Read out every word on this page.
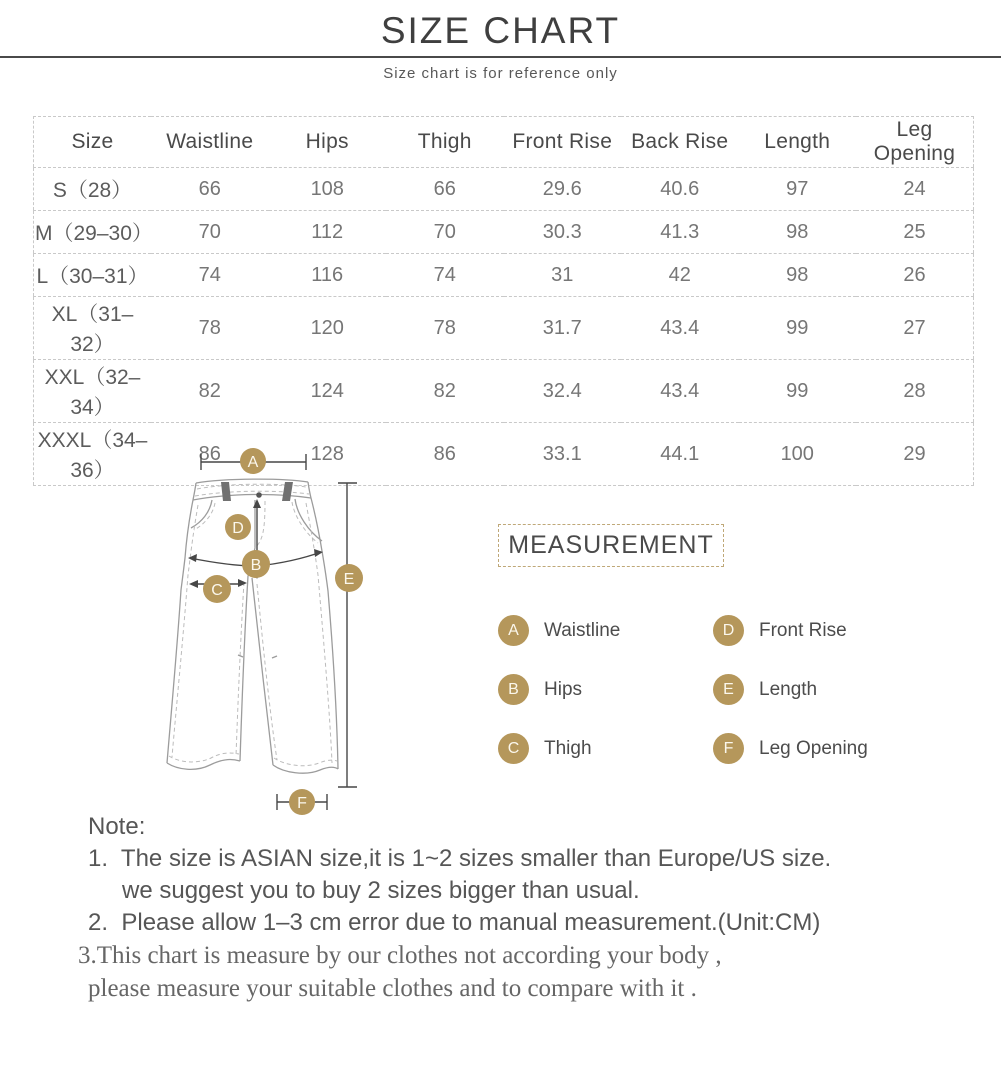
SIZE CHART
Size chart is for reference only
Size	Waistline	Hips	Thigh	Front Rise	Back Rise	Length	Leg Opening
S（28）	66	108	66	29.6	40.6	97	24
M（29–30）	70	112	70	30.3	41.3	98	25
L（30–31）	74	116	74	31	42	98	26
XL（31–32）	78	120	78	31.7	43.4	99	27
XXL（32–34）	82	124	82	32.4	43.4	99	28
XXXL（34–36）	86	128	86	33.1	44.1	100	29
A
D
B
C
E
F
MEASUREMENT
A	Waistline
B	Hips
C	Thigh
D	Front Rise
E	Length
F	Leg Opening
Note:
1.  The size is ASIAN size,it is 1~2 sizes smaller than Europe/US size.
we suggest you to buy 2 sizes bigger than usual.
2.  Please allow 1–3 cm error due to manual measurement.(Unit:CM)
3.This chart is measure by our clothes not according your body ,
please measure your suitable clothes and to compare with it .
